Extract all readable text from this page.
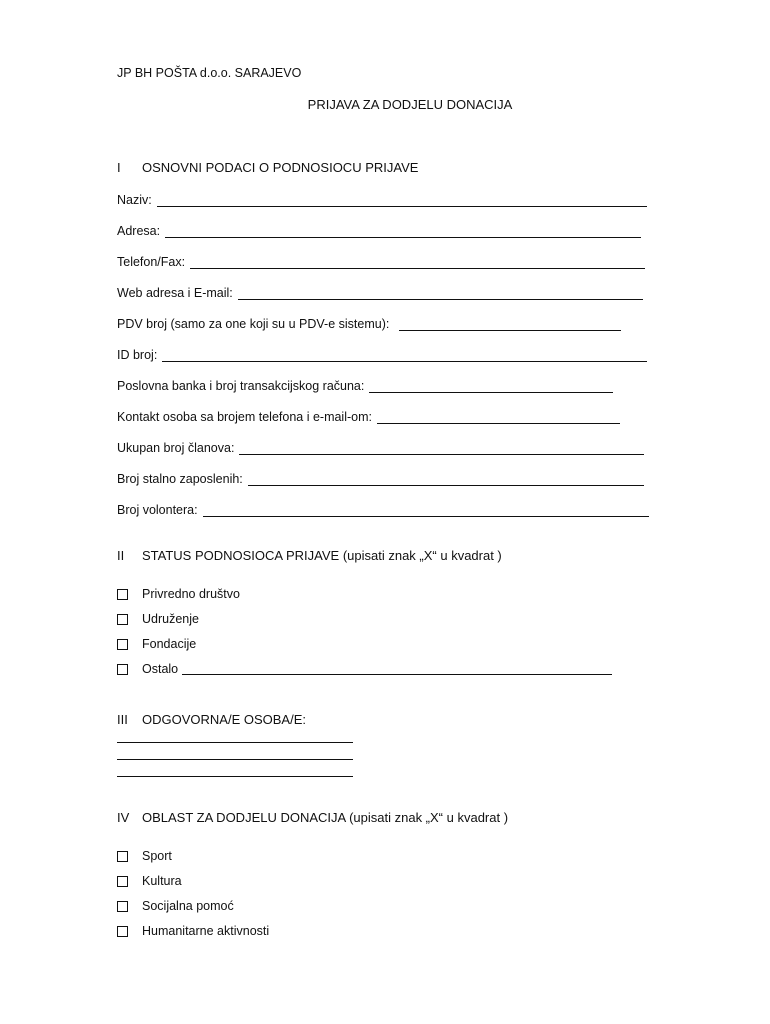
JP BH POŠTA d.o.o. SARAJEVO
PRIJAVA ZA DODJELU DONACIJA
I OSNOVNI PODACI O PODNOSIOCU PRIJAVE
Naziv:
Adresa:
Telefon/Fax:
Web adresa i E-mail:
PDV broj (samo za one koji su u PDV-e sistemu):
ID broj:
Poslovna banka i broj transakcijskog računa:
Kontakt osoba sa brojem telefona i e-mail-om:
Ukupan broj članova:
Broj stalno zaposlenih:
Broj volontera:
II STATUS PODNOSIOCA PRIJAVE (upisati znak „X“ u kvadrat )
Privredno društvo
Udruženje
Fondacije
Ostalo
III ODGOVORNA/E OSOBA/E:
IV OBLAST ZA DODJELU DONACIJA (upisati znak „X“ u kvadrat )
Sport
Kultura
Socijalna pomoć
Humanitarne aktivnosti
